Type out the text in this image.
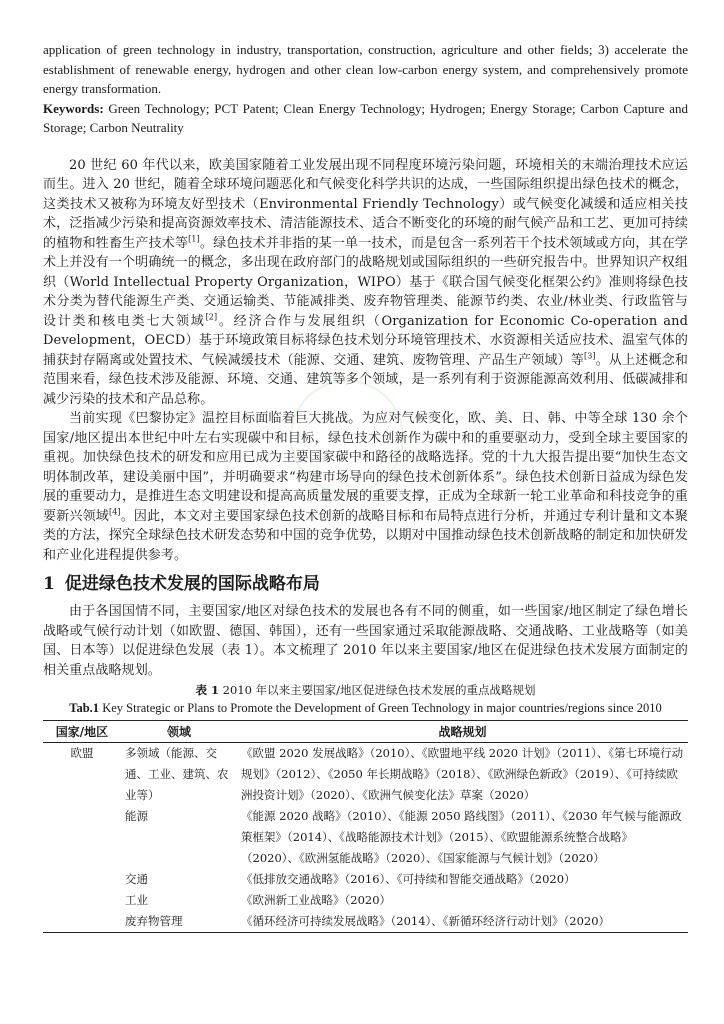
application of green technology in industry, transportation, construction, agriculture and other fields; 3) accelerate the establishment of renewable energy, hydrogen and other clean low-carbon energy system, and comprehensively promote energy transformation.

Keywords: Green Technology; PCT Patent; Clean Energy Technology; Hydrogen; Energy Storage; Carbon Capture and Storage; Carbon Neutrality

20 世纪 60 年代以来，欧美国家随着工业发展出现不同程度环境污染问题，环境相关的末端治理技术应运而生。进入 20 世纪，随着全球环境问题恶化和气候变化科学共识的达成，一些国际组织提出绿色技术的概念，这类技术又被称为环境友好型技术（Environmental Friendly Technology）或气候变化减缓和适应相关技术，泛指减少污染和提高资源效率技术、清洁能源技术、适合不断变化的环境的耐气候产品和工艺、更加可持续的植物和牲畜生产技术等[1]。绿色技术并非指的某一单一技术，而是包含一系列若干个技术领域或方向，其在学术上并没有一个明确统一的概念，多出现在政府部门的战略规划或国际组织的一些研究报告中。世界知识产权组织（World Intellectual Property Organization，WIPO）基于《联合国气候变化框架公约》准则将绿色技术分类为替代能源生产类、交通运输类、节能减排类、废弃物管理类、能源节约类、农业/林业类、行政监管与设计类和核电类七大领域[2]。经济合作与发展组织（Organization for Economic Co-operation and Development，OECD）基于环境政策目标将绿色技术划分环境管理技术、水资源相关适应技术、温室气体的捕获封存隔离或处置技术、气候减缓技术（能源、交通、建筑、废物管理、产品生产领域）等[3]。从上述概念和范围来看，绿色技术涉及能源、环境、交通、建筑等多个领域，是一系列有利于资源能源高效利用、低碳减排和减少污染的技术和产品总称。

当前实现《巴黎协定》温控目标面临着巨大挑战。为应对气候变化，欧、美、日、韩、中等全球 130 余个国家/地区提出本世纪中叶左右实现碳中和目标，绿色技术创新作为碳中和的重要驱动力，受到全球主要国家的重视。加快绿色技术的研发和应用已成为主要国家碳中和路径的战略选择。党的十九大报告提出要“加快生态文明体制改革，建设美丽中国”，并明确要求“构建市场导向的绿色技术创新体系”。绿色技术创新日益成为绿色发展的重要动力，是推进生态文明建设和提高高质量发展的重要支撑，正成为全球新一轮工业革命和科技竞争的重要新兴领域[4]。因此，本文对主要国家绿色技术创新的战略目标和布局特点进行分析，并通过专利计量和文本聚类的方法，探究全球绿色技术研发态势和中国的竞争优势，以期对中国推动绿色技术创新战略的制定和加快研发和产业化进程提供参考。

1 促进绿色技术发展的国际战略布局

由于各国国情不同，主要国家/地区对绿色技术的发展也各有不同的侧重，如一些国家/地区制定了绿色增长战略或气候行动计划（如欧盟、德国、韩国），还有一些国家通过采取能源战略、交通战略、工业战略等（如美国、日本等）以促进绿色发展（表 1）。本文梳理了 2010 年以来主要国家/地区在促进绿色技术发展方面制定的相关重点战略规划。

表 1 2010 年以来主要国家/地区促进绿色技术发展的重点战略规划
Tab.1 Key Strategic or Plans to Promote the Development of Green Technology in major countries/regions since 2010
国家/地区	领域	战略规划
欧盟	多领域（能源、交通、工业、建筑、农业等）	《欧盟 2020 发展战略》（2010）、《欧盟地平线 2020 计划》（2011）、《第七环境行动规划》（2012）、《2050 年长期战略》（2018）、《欧洲绿色新政》（2019）、《可持续欧洲投资计划》（2020）、《欧洲气候变化法》草案（2020）
	能源	《能源 2020 战略》（2010）、《能源 2050 路线图》（2011）、《2030 年气候与能源政策框架》（2014）、《战略能源技术计划》（2015）、《欧盟能源系统整合战略》（2020）、《欧洲氢能战略》（2020）、《国家能源与气候计划》（2020）
	交通	《低排放交通战略》（2016）、《可持续和智能交通战略》（2020）
	工业	《欧洲新工业战略》（2020）
	废弃物管理	《循环经济可持续发展战略》（2014）、《新循环经济行动计划》（2020）
